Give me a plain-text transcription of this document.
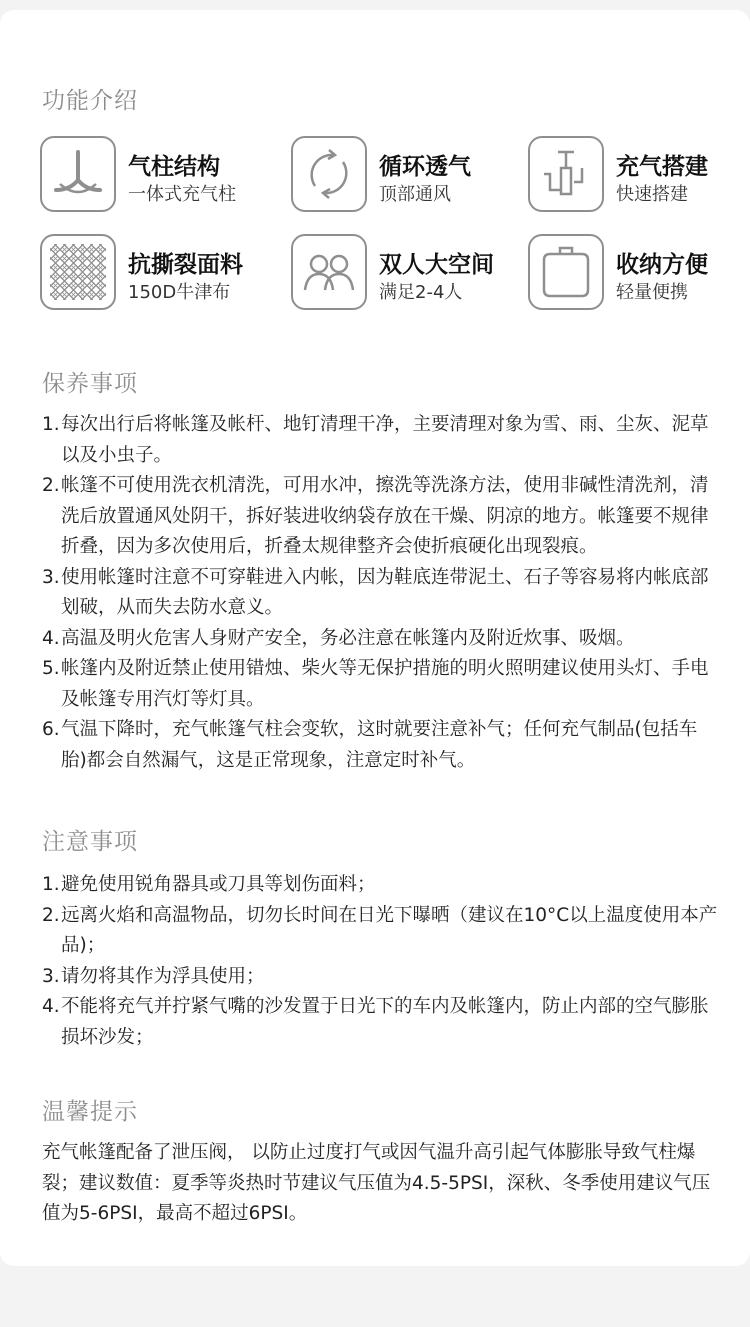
功能介绍
气柱结构
一体式充气柱
循环透气
顶部通风
充气搭建
快速搭建
抗撕裂面料
150D牛津布
双人大空间
满足2-4人
收纳方便
轻量便携
保养事项
1. 每次出行后将帐篷及帐杆、地钉清理干净，主要清理对象为雪、雨、尘灰、泥草以及小虫子。
2. 帐篷不可使用洗衣机清洗，可用水冲，擦洗等洗涤方法，使用非碱性清洗剂，清洗后放置通风处阴干，拆好装进收纳袋存放在干燥、阴凉的地方。帐篷要不规律折叠，因为多次使用后，折叠太规律整齐会使折痕硬化出现裂痕。
3. 使用帐篷时注意不可穿鞋进入内帐，因为鞋底连带泥土、石子等容易将内帐底部划破，从而失去防水意义。
4. 高温及明火危害人身财产安全，务必注意在帐篷内及附近炊事、吸烟。
5. 帐篷内及附近禁止使用错烛、柴火等无保护措施的明火照明建议使用头灯、手电及帐篷专用汽灯等灯具。
6. 气温下降时，充气帐篷气柱会变软，这时就要注意补气；任何充气制品(包括车胎)都会自然漏气，这是正常现象，注意定时补气。
注意事项
1. 避免使用锐角器具或刀具等划伤面料；
2. 远离火焰和高温物品，切勿长时间在日光下曝晒（建议在10°C以上温度使用本产品)；
3. 请勿将其作为浮具使用；
4. 不能将充气并拧紧气嘴的沙发置于日光下的车内及帐篷内，防止内部的空气膨胀损坏沙发；
温馨提示

充气帐篷配备了泄压阀， 以防止过度打气或因气温升高引起气体膨胀导致气柱爆裂；建议数值：夏季等炎热时节建议气压值为4.5-5PSI，深秋、冬季使用建议气压值为5-6PSI，最高不超过6PSI。
